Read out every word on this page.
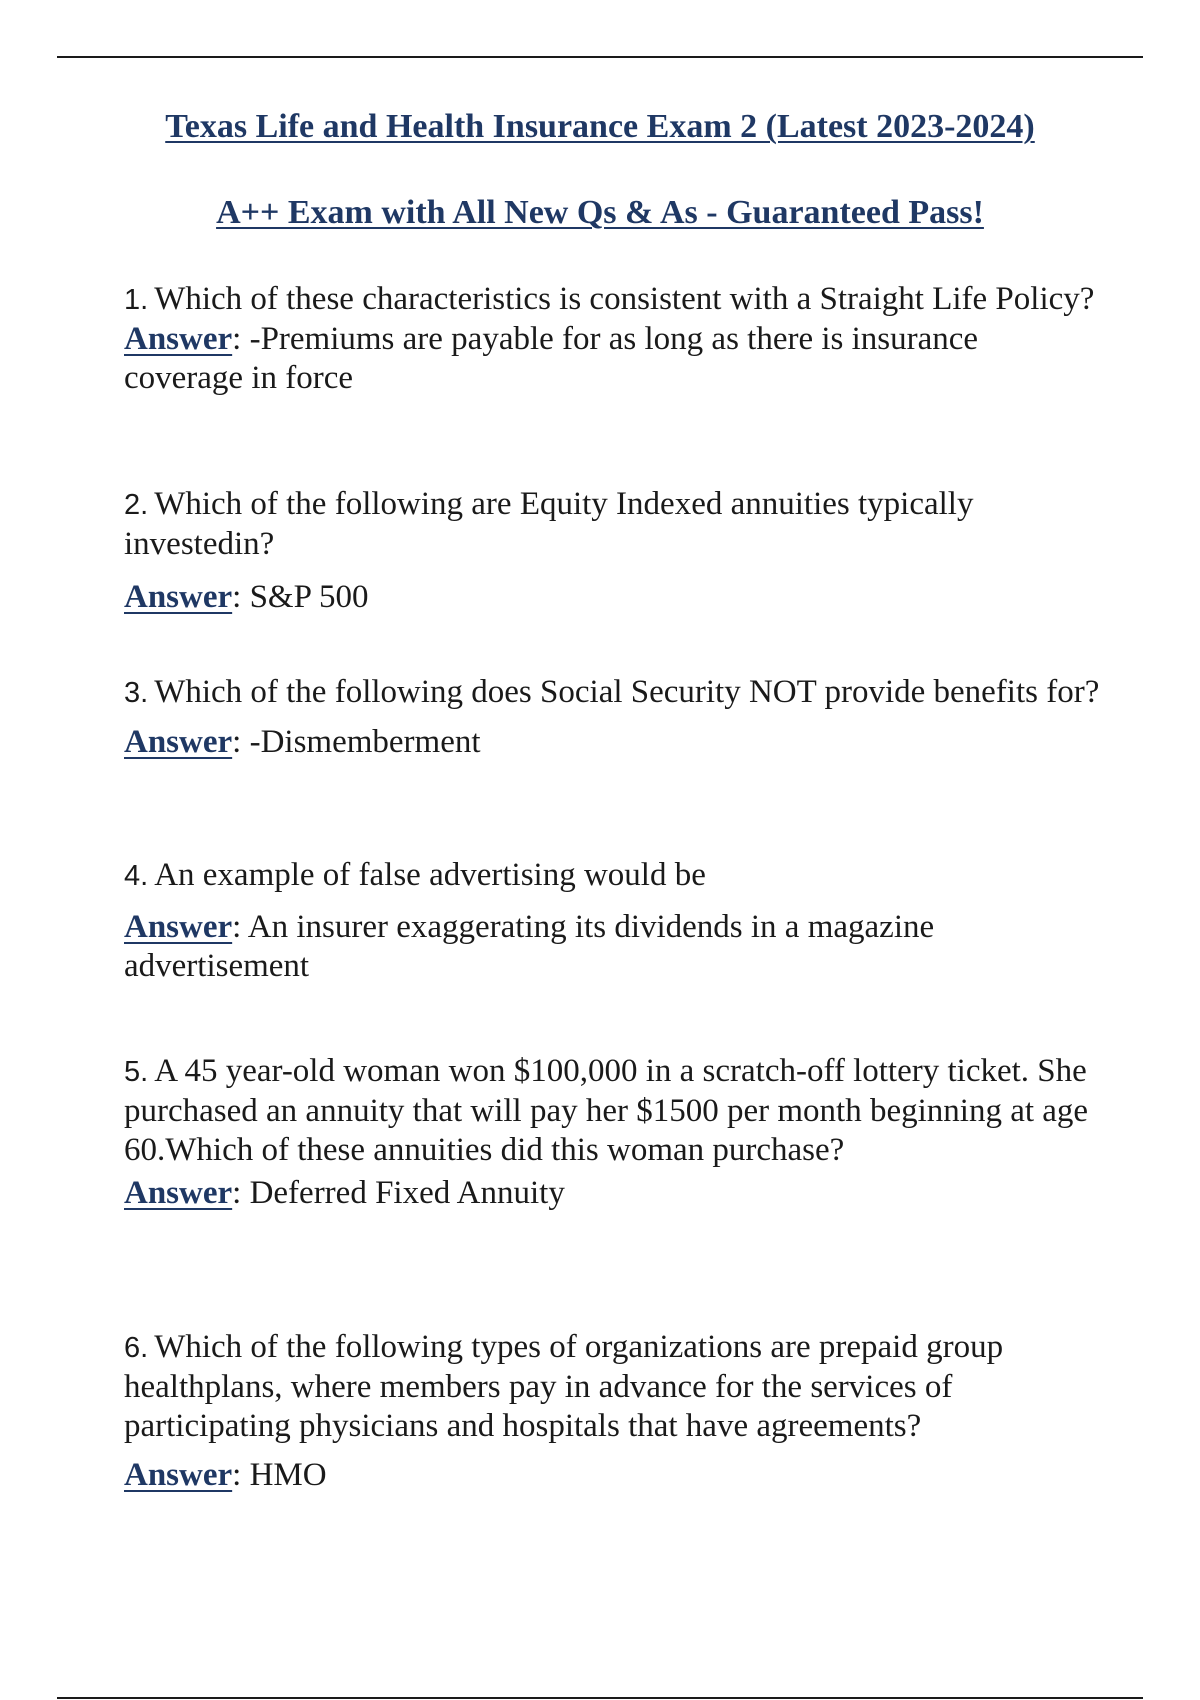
Texas Life and Health Insurance Exam 2 (Latest 2023-2024)
A++ Exam with All New Qs & As - Guaranteed Pass!

1. Which of these characteristics is consistent with a Straight Life Policy?

Answer: -Premiums are payable for as long as there is insurance coverage in force

2. Which of the following are Equity Indexed annuities typically investedin?

Answer: S&P 500

3. Which of the following does Social Security NOT provide benefits for?

Answer: -Dismemberment

4. An example of false advertising would be

Answer: An insurer exaggerating its dividends in a magazine advertisement

5. A 45 year-old woman won $100,000 in a scratch-off lottery ticket. She purchased an annuity that will pay her $1500 per month beginning at age 60.Which of these annuities did this woman purchase?

Answer: Deferred Fixed Annuity

6. Which of the following types of organizations are prepaid group healthplans, where members pay in advance for the services of participating physicians and hospitals that have agreements?

Answer: HMO
